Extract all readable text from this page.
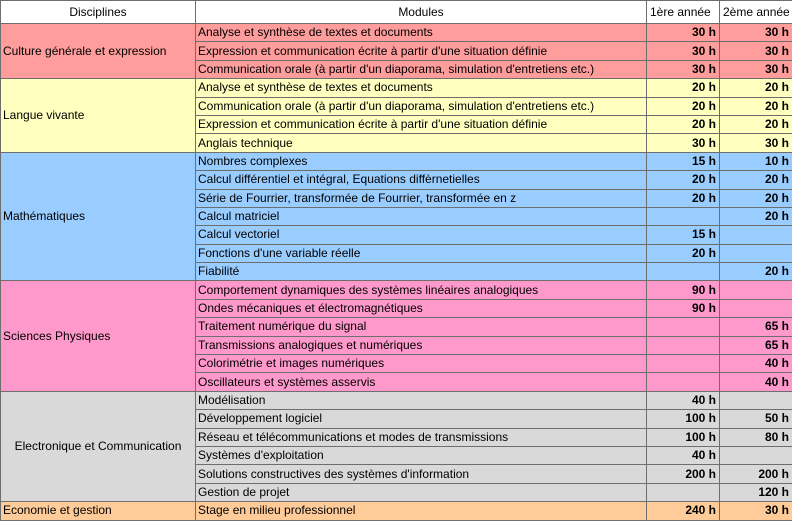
Disciplines	Modules	1ère année	2ème année
Culture générale et expression	Analyse et synthèse de textes et documents	30 h	30 h
	Expression et communication écrite à partir d'une situation définie	30 h	30 h
	Communication orale (à partir d'un diaporama, simulation d'entretiens etc.)	30 h	30 h
Langue vivante	Analyse et synthèse de textes et documents	20 h	20 h
	Communication orale (à partir d'un diaporama, simulation d'entretiens etc.)	20 h	20 h
	Expression et communication écrite à partir d'une situation définie	20 h	20 h
	Anglais technique	30 h	30 h
Mathématiques	Nombres complexes	15 h	10 h
	Calcul différentiel et intégral, Equations diffèrnetielles	20 h	20 h
	Série de Fourrier, transformée de Fourrier, transformée en z	20 h	20 h
	Calcul matriciel		20 h
	Calcul vectoriel	15 h	
	Fonctions d'une variable réelle	20 h	
	Fiabilité		20 h
Sciences Physiques	Comportement dynamiques des systèmes linéaires analogiques	90 h	
	Ondes mécaniques et électromagnétiques	90 h	
	Traitement numérique du signal		65 h
	Transmissions analogiques et numériques		65 h
	Colorimétrie et images numériques		40 h
	Oscillateurs et systèmes asservis		40 h
Electronique et Communication	Modélisation	40 h	
	Développement logiciel	100 h	50 h
	Réseau et télécommunications et modes de transmissions	100 h	80 h
	Systèmes d'exploitation	40 h	
	Solutions constructives des systèmes d'information	200 h	200 h
	Gestion de projet		120 h
Economie et gestion	Stage en milieu professionnel	240 h	30 h
